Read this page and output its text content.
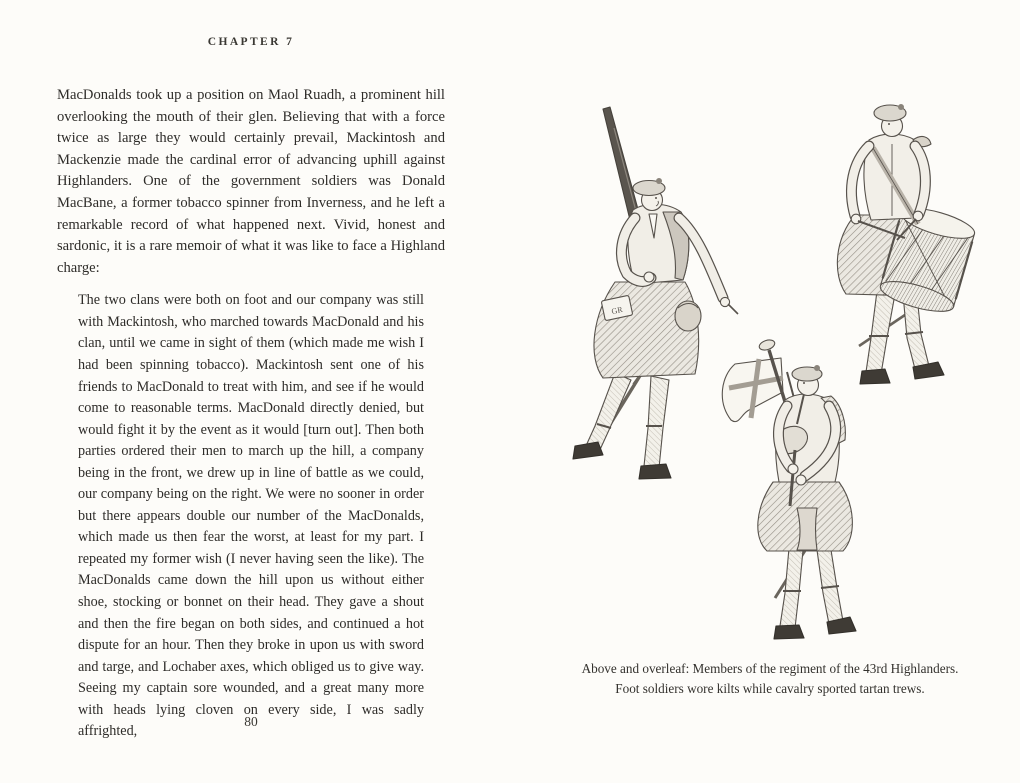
CHAPTER 7
MacDonalds took up a position on Maol Ruadh, a prominent hill overlooking the mouth of their glen. Believing that with a force twice as large they would certainly prevail, Mackintosh and Mackenzie made the cardinal error of advancing uphill against Highlanders. One of the government soldiers was Donald MacBane, a former tobacco spinner from Inverness, and he left a remarkable record of what happened next. Vivid, honest and sardonic, it is a rare memoir of what it was like to face a Highland charge:
The two clans were both on foot and our company was still with Mackintosh, who marched towards MacDonald and his clan, until we came in sight of them (which made me wish I had been spinning tobacco). Mackintosh sent one of his friends to MacDonald to treat with him, and see if he would come to reasonable terms. MacDonald directly denied, but would fight it by the event as it would [turn out]. Then both parties ordered their men to march up the hill, a company being in the front, we drew up in line of battle as we could, our company being on the right. We were no sooner in order but there appears double our number of the MacDonalds, which made us then fear the worst, at least for my part. I repeated my former wish (I never having seen the like). The MacDonalds came down the hill upon us without either shoe, stocking or bonnet on their head. They gave a shout and then the fire began on both sides, and continued a hot dispute for an hour. Then they broke in upon us with sword and targe, and Lochaber axes, which obliged us to give way. Seeing my captain sore wounded, and a great many more with heads lying cloven on every side, I was sadly affrighted,
80
GR
Above and overleaf: Members of the regiment of the 43rd Highlanders.
Foot soldiers wore kilts while cavalry sported tartan trews.
